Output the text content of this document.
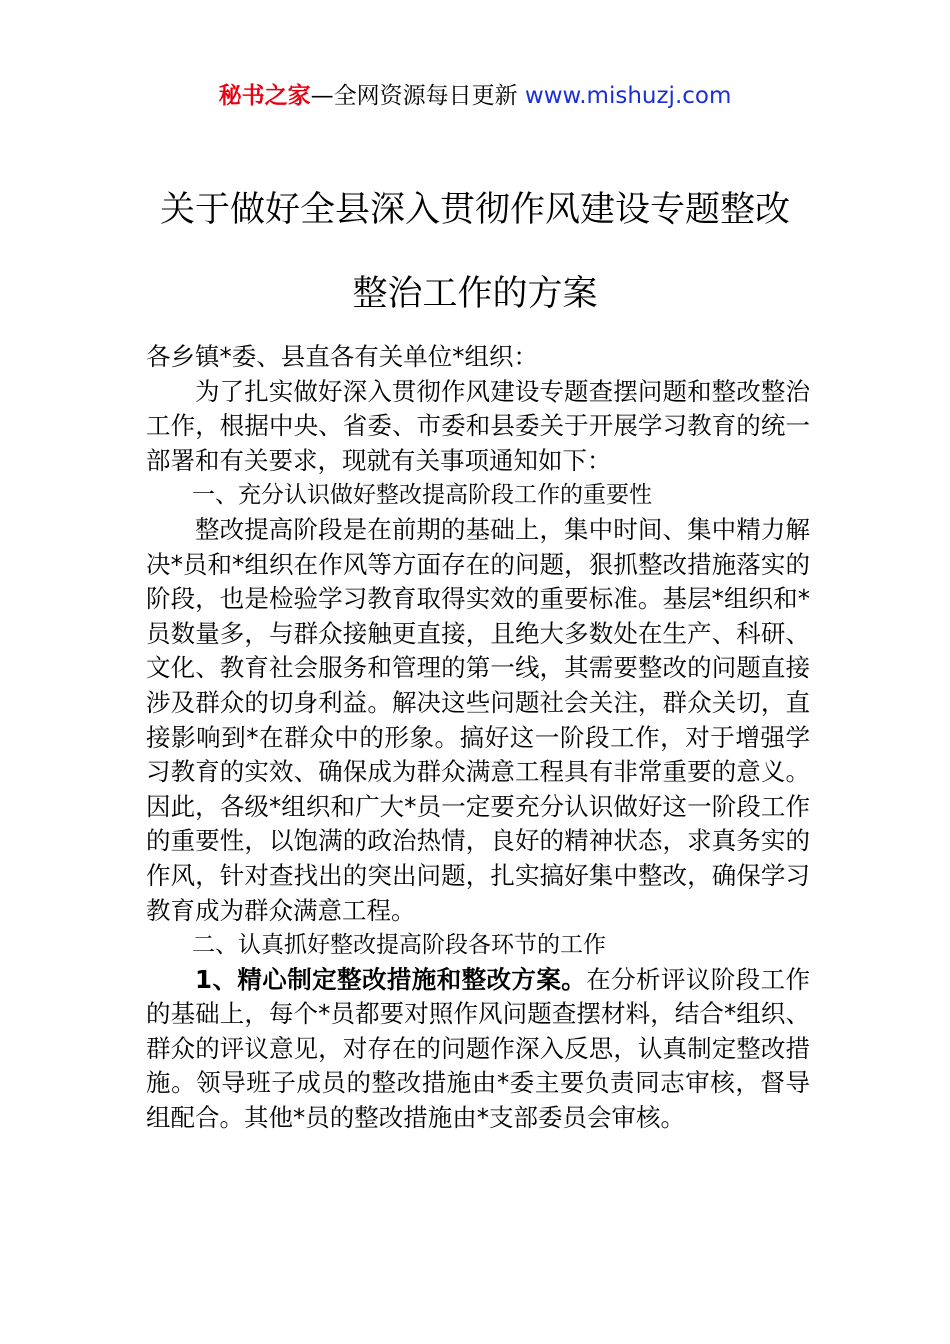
秘书之家—全网资源每日更新 www.mishuzj.com
关于做好全县深入贯彻作风建设专题整改
整治工作的方案

各乡镇*委、县直各有关单位*组织：

为了扎实做好深入贯彻作风建设专题查摆问题和整改整治工作，根据中央、省委、市委和县委关于开展学习教育的统一部署和有关要求，现就有关事项通知如下：

一、充分认识做好整改提高阶段工作的重要性

整改提高阶段是在前期的基础上，集中时间、集中精力解决*员和*组织在作风等方面存在的问题，狠抓整改措施落实的阶段，也是检验学习教育取得实效的重要标准。基层*组织和*员数量多，与群众接触更直接，且绝大多数处在生产、科研、文化、教育社会服务和管理的第一线，其需要整改的问题直接涉及群众的切身利益。解决这些问题社会关注，群众关切，直接影响到*在群众中的形象。搞好这一阶段工作，对于增强学习教育的实效、确保成为群众满意工程具有非常重要的意义。因此，各级*组织和广大*员一定要充分认识做好这一阶段工作的重要性，以饱满的政治热情，良好的精神状态，求真务实的作风，针对查找出的突出问题，扎实搞好集中整改，确保学习教育成为群众满意工程。

二、认真抓好整改提高阶段各环节的工作

1、精心制定整改措施和整改方案。在分析评议阶段工作的基础上，每个*员都要对照作风问题查摆材料，结合*组织、群众的评议意见，对存在的问题作深入反思，认真制定整改措施。领导班子成员的整改措施由*委主要负责同志审核，督导组配合。其他*员的整改措施由*支部委员会审核。
